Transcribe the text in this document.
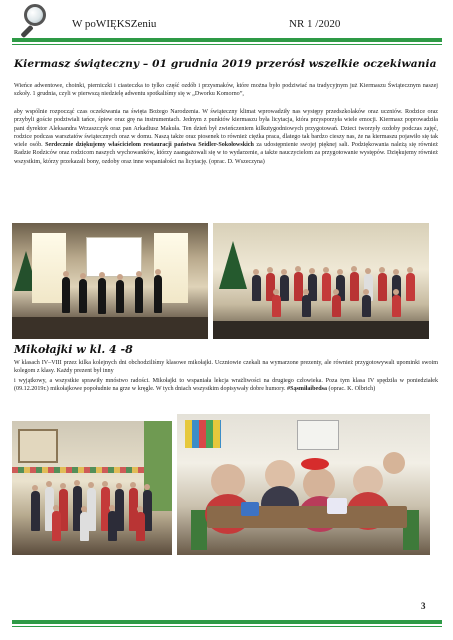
W poWIĘKSZeniu	NR 1 /2020
Kiermasz świąteczny – 01 grudnia 2019 przerósł wszelkie oczekiwania
Wieńce adwentowe, choinki, pierniczki i ciasteczka to tylko część ozdób i przysmaków, które można było podziwiać na tradycyjnym już Kiermaszu Świątecznym naszej szkoły. 1 grudnia, czyli w pierwszą niedzielę adwentu spotkaliśmy się w „Dworku Komorno”,
aby wspólnie rozpocząć czas oczekiwania na święta Bożego Narodzenia. W świąteczny klimat wprowadziły nas występy przedszkolaków oraz uczniów. Rodzice oraz przybyli goście podziwiali tańce, śpiew oraz grę na instrumentach. Jednym z punktów kiermaszu była licytacja, która przysporzyła wiele emocji. Kiermasz poprowadziła pani dyrektor Aleksandra Wrzaszczyk oraz pan Arkadiusz Makuła. Ten dzień był zwieńczeniem kilkutygodniowych przygotowań. Dzieci tworzyły ozdoby podczas zajęć, rodzice podczas warsztatów świątecznych oraz w domu. Naszą także oraz piosenek to również ciężka praca, dlatego tak bardzo cieszy nas, że na kiermaszu pojawiło się tak wiele osób. Serdecznie dziękujemy właścicielom restauracji państwa Seidler-Sokołowskich za udostępnienie swojej pięknej sali. Podziękowania należą się również Radzie Rodziców oraz rodzicom naszych wychowanków, którzy zaangażowali się w to wydarzenie, a także nauczycielom za przygotowanie występów. Dziękujemy również wszystkim, którzy przekazali bony, ozdoby oraz inne wspaniałości na licytację. (oprac. D. Wszeczyna)
Mikołajki w kl. 4 -8
W klasach IV–VIII przez kilka kolejnych dni obchodziliśmy klasowe mikołajki. Uczniowie czekali na wymarzone prezenty, ale również przygotowywali upominki swoim kolegom z klasy. Każdy prezent był inny
i wyjątkowy, a wszystkie sprawiły mnóstwo radości. Mikołajki to wspaniała lekcja wrażliwości na drugiego człowieka. Poza tym klasa IV spędziła w poniedziałek (09.12.2019r.) mikołajkowe popołudnie na grze w kręgle. W tych dniach wszystkim dopisywały dobre humory. #Sąsmiłaibedsa (oprac. K. Olbrich)
3
